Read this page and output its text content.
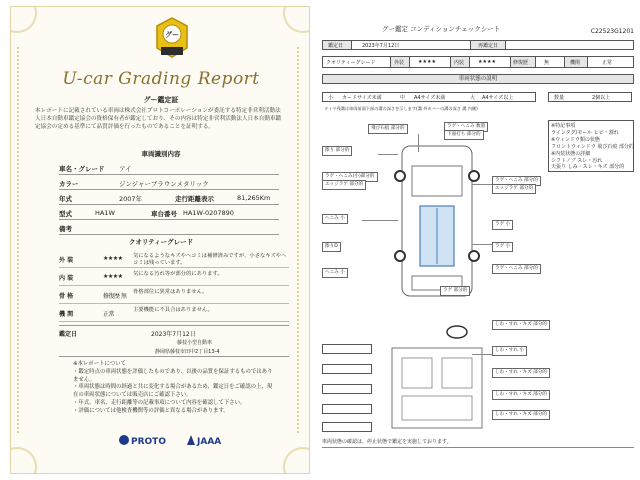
グー
U-car Grading Report
グー鑑定証
本レポートに記載されている車両は株式会社プロトコーポレーションが委託する特定非営利活動法人日本自動車鑑定協会の資格保有者が鑑定しており、その内容は特定非営利活動法人日本自動車鑑定協会の定める基準にて品質評価を行ったものであることを証明する。
車両識別内容
車名・グレード アイ
カラー	ジンジャーブラウンメタリック
年式	2007年	走行距離表示	81,265Km
型式	HA1W	車台番号 HA1W-0207890
備考
クオリティーグレード
外 装	★★★★ 気になるようなキズやヘコミは補修済みですが、小さなキズやヘコミは残っています。
内 装	★★★★ 気になる汚れ等が部分的にあります。
骨 格	修復歴 無
骨格部位に異常はありません。
機 関	正常
主要機能に不具合はありません。
鑑定日	2023年7月12日
藤枝小型自動車
静岡県藤枝市田中2丁目13-4
※本レポートについて
・鑑定時点の車両状態を評価したものであり、以後の品質を保証するものではありません。
・車両状態は時間の経過と共に変化する場合があるため、鑑定日をご確認の上、現在の車両状態については販売店にご確認下さい。
・年式、車名、走行距離等の記載事項について内容を確認して下さい。
・評価については他検査機関等の評価と異なる場合があります。
PROTO	JAAA
グー鑑定 コンディションチェックシート	C22523G1201
鑑定日	2023年7月12日	再鑑定日
クオリティーグレード	外装	★★★★	内装	★★★★	修復歴	無	機関	正常
車両状態の説明
小 カードサイズ未満	中 A4サイズ未満	大 A4サイズ以上	数量	2個以上
タイヤ残溝は車両前面下部の溝の深さを示します(溝 外カバーの溝の深さ 溝 内側)
※特記事項
ラインタグ/モール ヒビ・割れ
※ウィンドウ類の状態
フロントウィンドウ 飛び石痕 部分的
※内装状態の詳細
シフトノブ スレ・汚れ
天張り しみ・スレ・キズ 部分的
飛び石痕 部分的	ラゲ・へこみ 数箇
下面打ち 部分的
擦り 部分的
ラゲ・へこみ(小)部分的
エッジラゲ 部分的
ラゲ・へこみ 部分的
エッジラゲ 部分的
へこみ 小
ラゲ 小
擦りD	ラゲ 小
へこみ 小
ラゲ・へこみ 部分的
ラゲ 部分的
しわ・すれ・キズ 部分的
しわ・すれ 小
しわ・すれ・キズ 部分的
しわ・すれ・キズ 部分的
しわ・すれ・キズ 部分的
車両状態の確認は、停止状態で鑑定を実施しております。
